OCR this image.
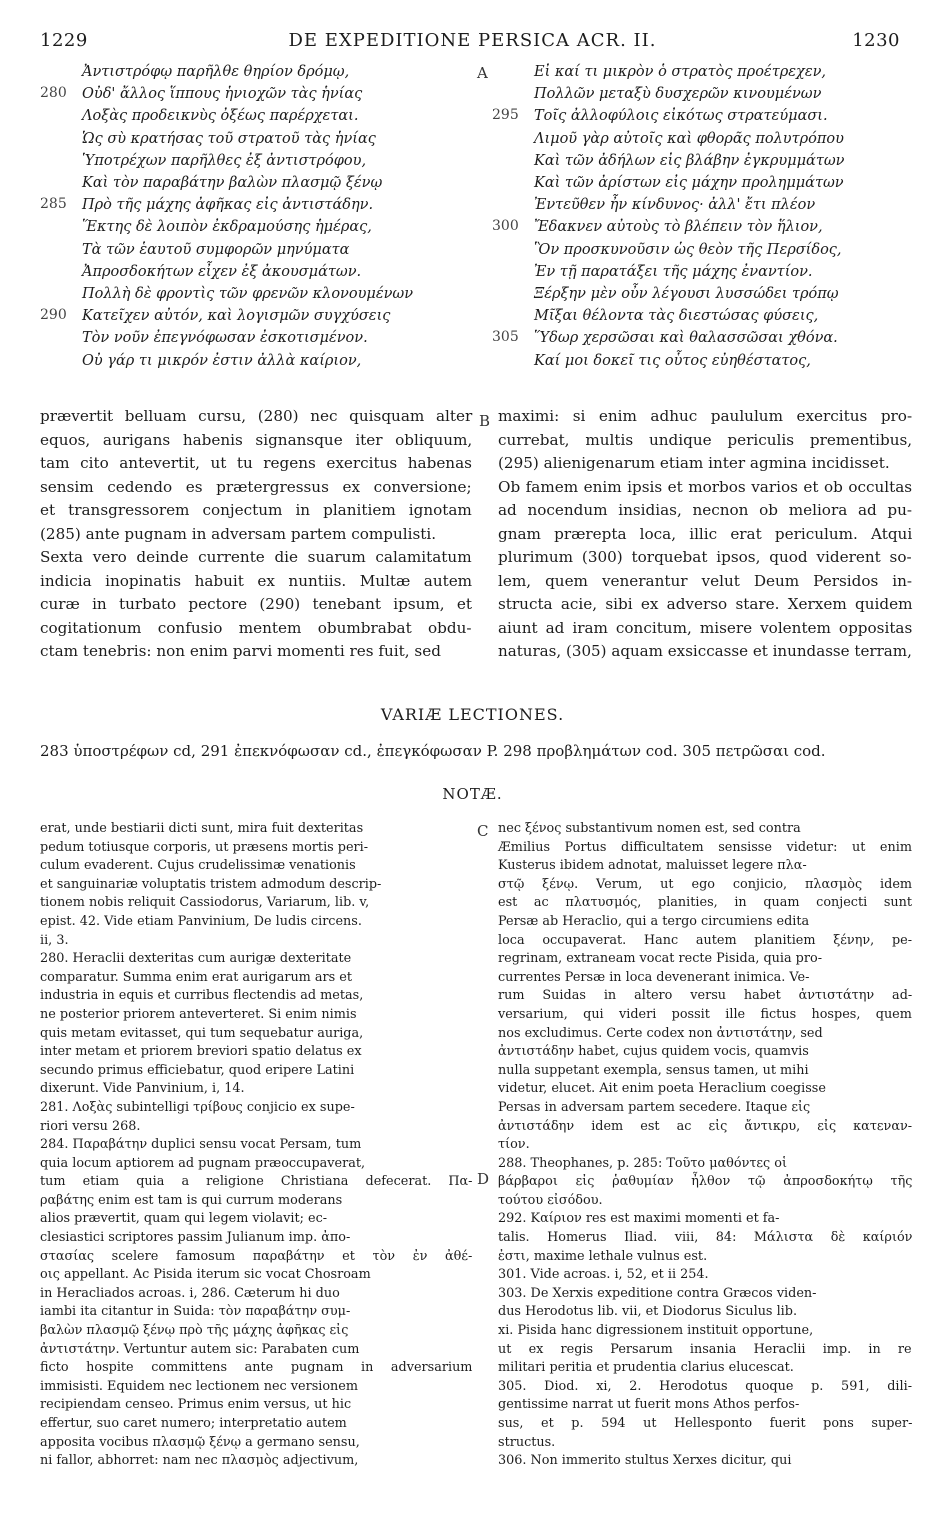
1229	DE EXPEDITIONE PERSICA ACR. II.	1230
Ἀντιστρόφῳ παρῆλθε θηρίον δρόμῳ,
280	Οὐδ' ἄλλος ἵππους ἡνιοχῶν τὰς ἡνίας
Λοξὰς προδεικνὺς ὀξέως παρέρχεται.
Ὡς σὺ κρατήσας τοῦ στρατοῦ τὰς ἡνίας
Ὑποτρέχων παρῆλθες ἐξ ἀντιστρόφου,
Καὶ τὸν παραβάτην βαλὼν πλασμῷ ξένῳ
285	Πρὸ τῆς μάχης ἀφῆκας εἰς ἀντιστάδην.
Ἕκτης δὲ λοιπὸν ἐκδραμούσης ἡμέρας,
Τὰ τῶν ἑαυτοῦ συμφορῶν μηνύματα
Ἀπροσδοκήτων εἶχεν ἐξ ἀκουσμάτων.
Πολλὴ δὲ φροντὶς τῶν φρενῶν κλονουμένων
290	Κατεῖχεν αὐτόν, καὶ λογισμῶν συγχύσεις
Τὸν νοῦν ἐπεγνόφωσαν ἐσκοτισμένον.
Οὐ γάρ τι μικρόν ἐστιν ἀλλὰ καίριον,
Εἰ καί τι μικρὸν ὁ στρατὸς προέτρεχεν,
Πολλῶν μεταξὺ δυσχερῶν κινουμένων
295	Τοῖς ἀλλοφύλοις εἰκότως στρατεύμασι.
Λιμοῦ γὰρ αὐτοῖς καὶ φθορᾶς πολυτρόπου
Καὶ τῶν ἀδήλων εἰς βλάβην ἐγκρυμμάτων
Καὶ τῶν ἀρίστων εἰς μάχην προλημμάτων
Ἐντεῦθεν ἦν κίνδυνος· ἀλλ' ἔτι πλέον
300	Ἔδακνεν αὐτοὺς τὸ βλέπειν τὸν ἥλιον,
Ὃν προσκυνοῦσιν ὡς θεὸν τῆς Περσίδος,
Ἐν τῇ παρατάξει τῆς μάχης ἐναντίον.
Ξέρξην μὲν οὖν λέγουσι λυσσώδει τρόπῳ
Μῖξαι θέλοντα τὰς διεστώσας φύσεις,
305	Ὕδωρ χερσῶσαι καὶ θαλασσῶσαι χθόνα.
Καί μοι δοκεῖ τις οὗτος εὐηθέστατος,
A
B
C
D
prævertit belluam cursu, (280) nec quisquam alter
equos, aurigans habenis signansque iter obliquum,
tam cito antevertit, ut tu regens exercitus habenas
sensim cedendo es prætergressus ex conversione;
et transgressorem conjectum in planitiem ignotam
(285) ante pugnam in adversam partem compulisti.
Sexta vero deinde currente die suarum calamitatum
indicia inopinatis habuit ex nuntiis. Multæ autem
curæ in turbato pectore (290) tenebant ipsum, et
cogitationum confusio mentem obumbrabat obdu-
ctam tenebris: non enim parvi momenti res fuit, sed
maximi: si enim adhuc paululum exercitus pro-
currebat, multis undique periculis prementibus,
(295) alienigenarum etiam inter agmina incidisset.
Ob famem enim ipsis et morbos varios et ob occultas
ad nocendum insidias, necnon ob meliora ad pu-
gnam prærepta loca, illic erat periculum. Atqui
plurimum (300) torquebat ipsos, quod viderent so-
lem, quem venerantur velut Deum Persidos in-
structa acie, sibi ex adverso stare. Xerxem quidem
aiunt ad iram concitum, misere volentem oppositas
naturas, (305) aquam exsiccasse et inundasse terram,
VARIÆ LECTIONES.
283 ὑποστρέφων cd, 291 ἐπεκνόφωσαν cd., ἐπεγκόφωσαν P. 298 προβλημάτων cod. 305 πετρῶσαι cod.
NOTÆ.
erat, unde bestiarii dicti sunt, mira fuit dexteritas
pedum totiusque corporis, ut præsens mortis peri-
culum evaderent. Cujus crudelissimæ venationis
et sanguinariæ voluptatis tristem admodum descrip-
tionem nobis reliquit Cassiodorus, Variarum, lib. v,
epist. 42. Vide etiam Panvinium, De ludis circens.
ii, 3.
280. Heraclii dexteritas cum aurigæ dexteritate
comparatur. Summa enim erat aurigarum ars et
industria in equis et curribus flectendis ad metas,
ne posterior priorem anteverteret. Si enim nimis
quis metam evitasset, qui tum sequebatur auriga,
inter metam et priorem breviori spatio delatus ex
secundo primus efficiebatur, quod eripere Latini
dixerunt. Vide Panvinium, i, 14.
281. Λοξὰς subintelligi τρίβους conjicio ex supe-
riori versu 268.
284. Παραβάτην duplici sensu vocat Persam, tum
quia locum aptiorem ad pugnam præoccupaverat,
tum etiam quia a religione Christiana defecerat. Πα-
ραβάτης enim est tam is qui currum moderans
alios prævertit, quam qui legem violavit; ec-
clesiastici scriptores passim Julianum imp. ἀπο-
στασίας scelere famosum παραβάτην et τὸν ἐν ἀθέ-
οις appellant. Ac Pisida iterum sic vocat Chosroam
in Heracliados acroas. i, 286. Cæterum hi duo
iambi ita citantur in Suida: τὸν παραβάτην συμ-
βαλὼν πλασμῷ ξένῳ πρὸ τῆς μάχης ἀφῆκας εἰς
ἀντιστάτην. Vertuntur autem sic: Parabaten cum
ficto hospite committens ante pugnam in adversarium
immisisti. Equidem nec lectionem nec versionem
recipiendam censeo. Primus enim versus, ut hic
effertur, suo caret numero; interpretatio autem
apposita vocibus πλασμῷ ξένῳ a germano sensu,
ni fallor, abhorret: nam nec πλασμὸς adjectivum,
nec ξένος substantivum nomen est, sed contra
Æmilius Portus difficultatem sensisse videtur: ut enim
Kusterus ibidem adnotat, maluisset legere πλα-
στῷ ξένῳ. Verum, ut ego conjicio, πλασμὸς idem
est ac πλατυσμός, planities, in quam conjecti sunt
Persæ ab Heraclio, qui a tergo circumiens edita
loca occupaverat. Hanc autem planitiem ξένην, pe-
regrinam, extraneam vocat recte Pisida, quia pro-
currentes Persæ in loca devenerant inimica. Ve-
rum Suidas in altero versu habet ἀντιστάτην ad-
versarium, qui videri possit ille fictus hospes, quem
nos excludimus. Certe codex non ἀντιστάτην, sed
ἀντιστάδην habet, cujus quidem vocis, quamvis
nulla suppetant exempla, sensus tamen, ut mihi
videtur, elucet. Ait enim poeta Heraclium coegisse
Persas in adversam partem secedere. Itaque εἰς
ἀντιστάδην idem est ac εἰς ἄντικρυ, εἰς κατεναν-
τίον.
288. Theophanes, p. 285: Τοῦτο μαθόντες οἱ
βάρβαροι εἰς ῥαθυμίαν ἦλθον τῷ ἀπροσδοκήτῳ τῆς
τούτου εἰσόδου.
292. Καίριον res est maximi momenti et fa-
talis. Homerus Iliad. viii, 84: Μάλιστα δὲ καίριόν
ἐστι, maxime lethale vulnus est.
301. Vide acroas. i, 52, et ii 254.
303. De Xerxis expeditione contra Græcos viden-
dus Herodotus lib. vii, et Diodorus Siculus lib.
xi. Pisida hanc digressionem instituit opportune,
ut ex regis Persarum insania Heraclii imp. in re
militari peritia et prudentia clarius elucescat.
305. Diod. xi, 2. Herodotus quoque p. 591, dili-
gentissime narrat ut fuerit mons Athos perfos-
sus, et p. 594 ut Hellesponto fuerit pons super-
structus.
306. Non immerito stultus Xerxes dicitur, qui
